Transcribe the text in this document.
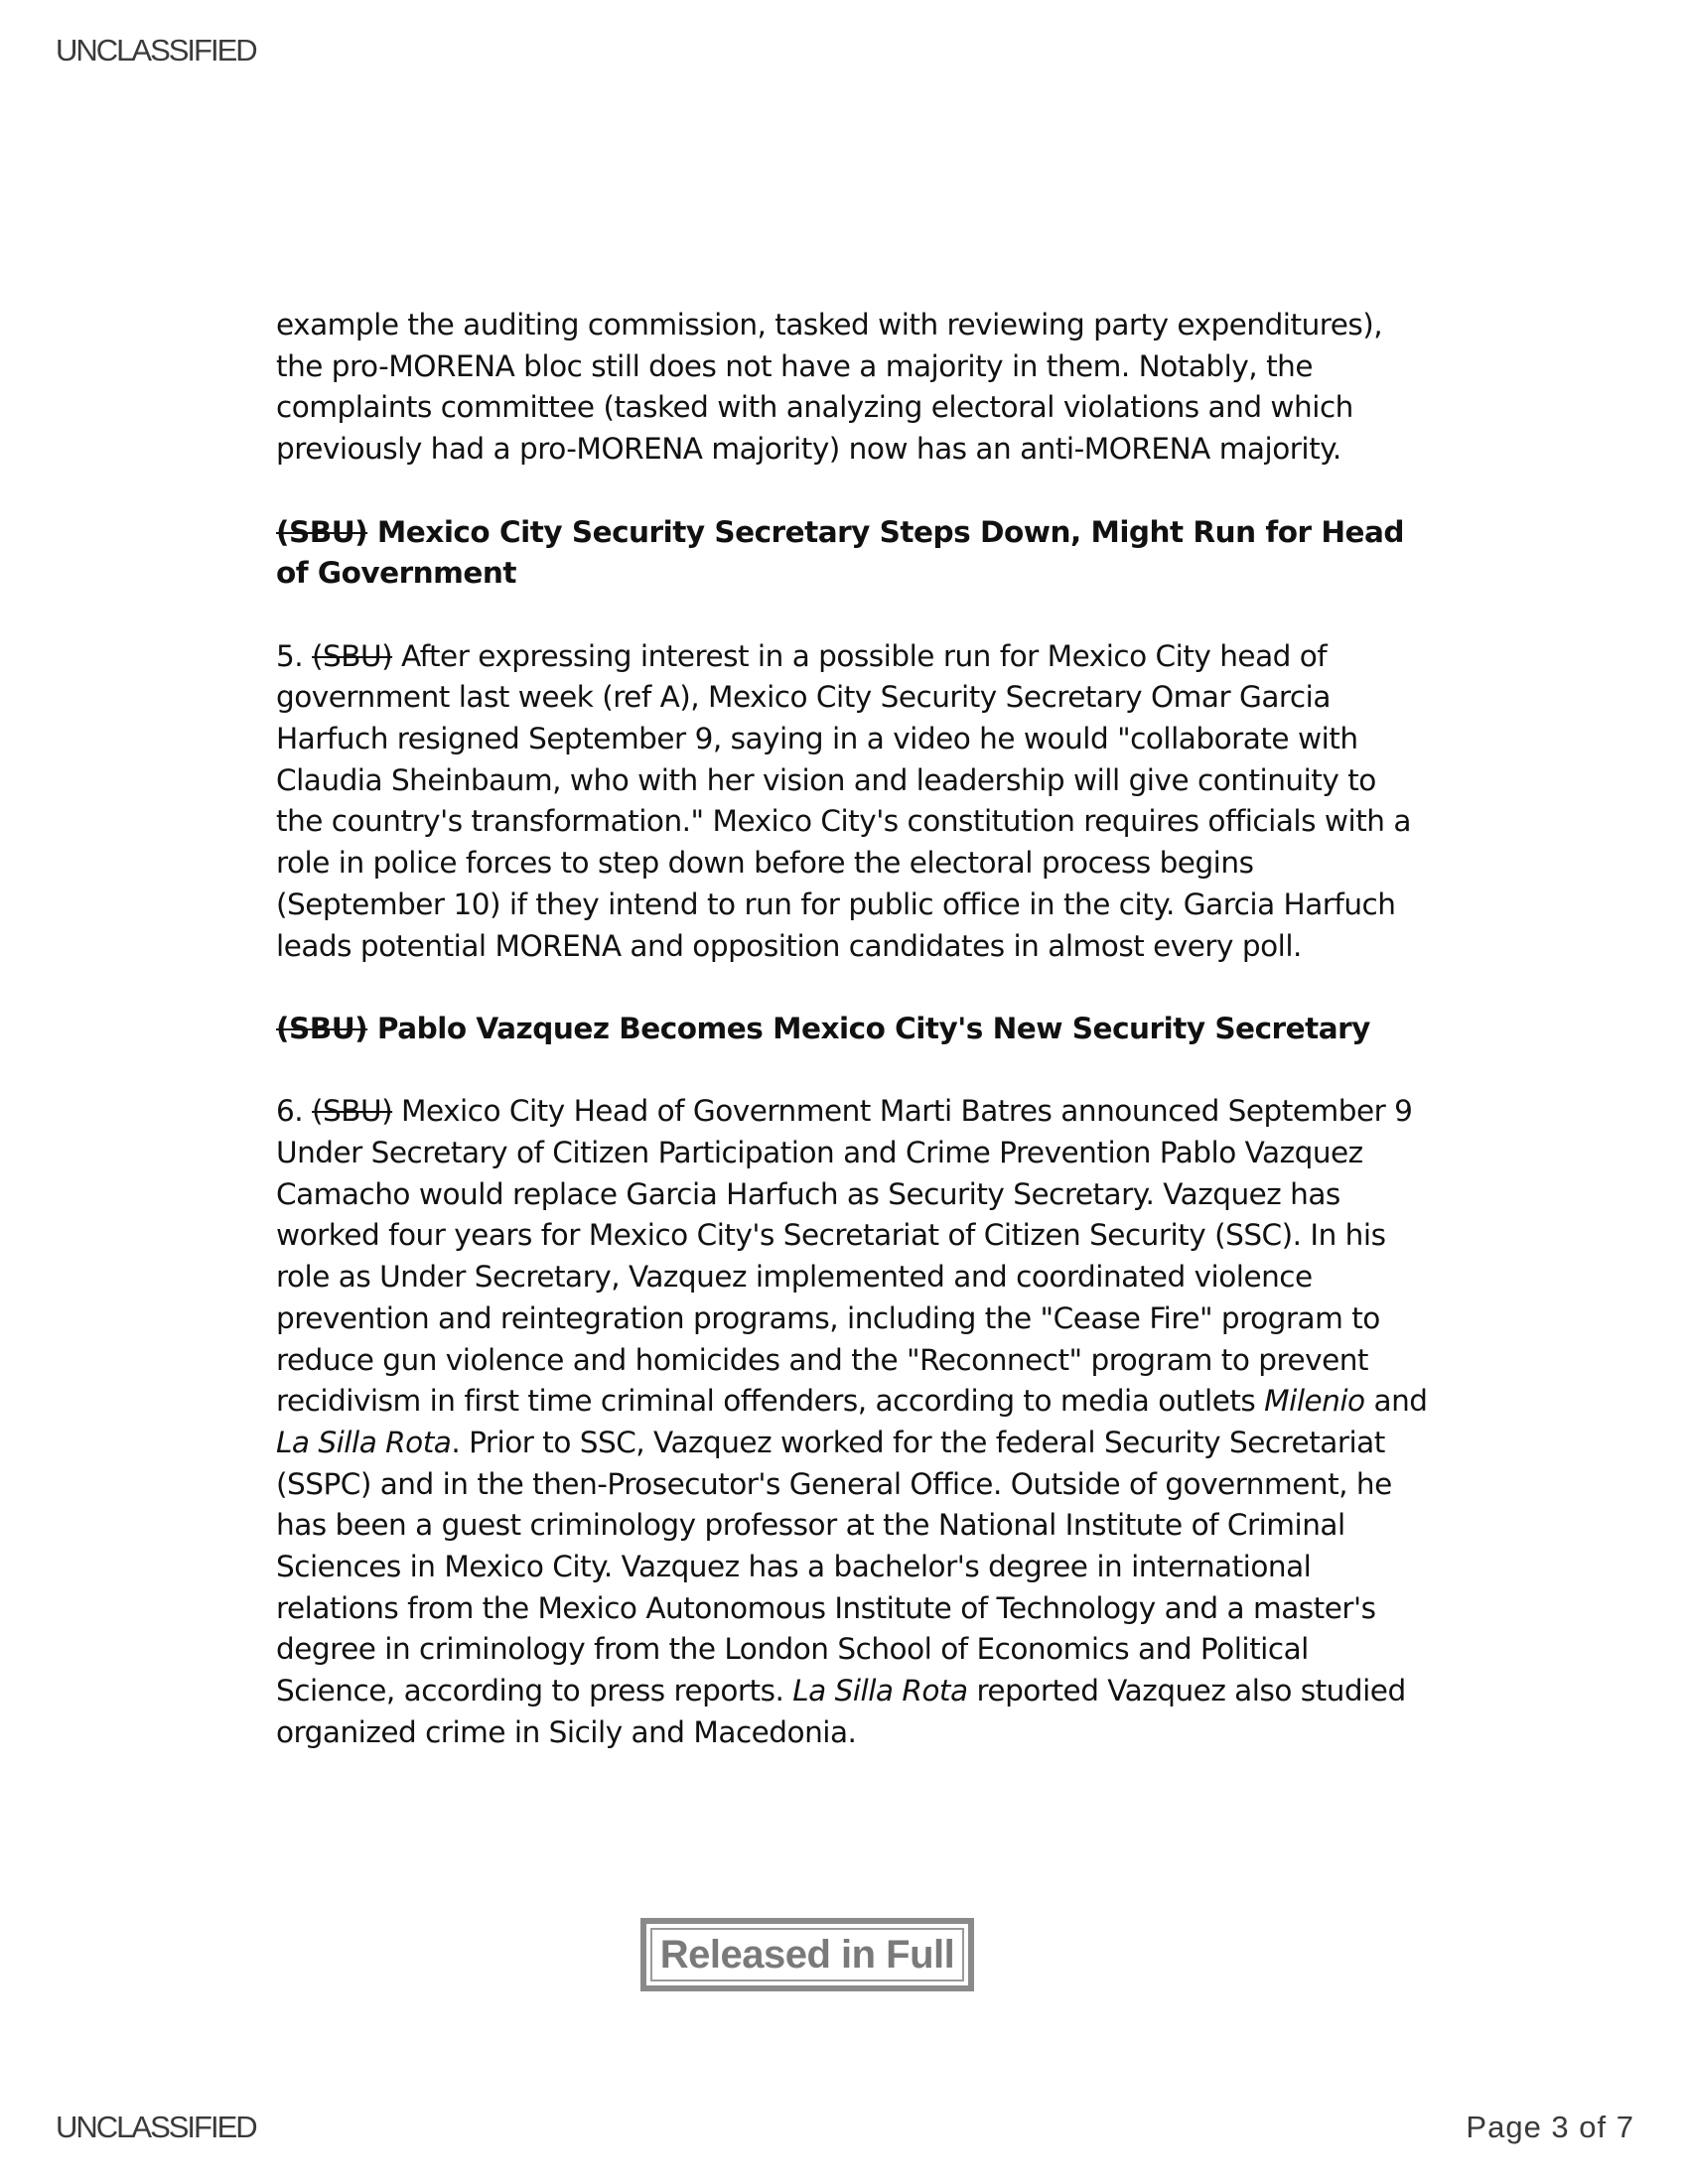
UNCLASSIFIED

example the auditing commission, tasked with reviewing party expenditures), the pro-MORENA bloc still does not have a majority in them. Notably, the complaints committee (tasked with analyzing electoral violations and which previously had a pro-MORENA majority) now has an anti-MORENA majority.

(SBU) Mexico City Security Secretary Steps Down, Might Run for Head of Government

5. (SBU) After expressing interest in a possible run for Mexico City head of government last week (ref A), Mexico City Security Secretary Omar Garcia Harfuch resigned September 9, saying in a video he would "collaborate with Claudia Sheinbaum, who with her vision and leadership will give continuity to the country's transformation." Mexico City's constitution requires officials with a role in police forces to step down before the electoral process begins (September 10) if they intend to run for public office in the city. Garcia Harfuch leads potential MORENA and opposition candidates in almost every poll.

(SBU) Pablo Vazquez Becomes Mexico City's New Security Secretary

6. (SBU) Mexico City Head of Government Marti Batres announced September 9 Under Secretary of Citizen Participation and Crime Prevention Pablo Vazquez Camacho would replace Garcia Harfuch as Security Secretary. Vazquez has worked four years for Mexico City's Secretariat of Citizen Security (SSC). In his role as Under Secretary, Vazquez implemented and coordinated violence prevention and reintegration programs, including the "Cease Fire" program to reduce gun violence and homicides and the "Reconnect" program to prevent recidivism in first time criminal offenders, according to media outlets Milenio and La Silla Rota. Prior to SSC, Vazquez worked for the federal Security Secretariat (SSPC) and in the then-Prosecutor's General Office. Outside of government, he has been a guest criminology professor at the National Institute of Criminal Sciences in Mexico City. Vazquez has a bachelor's degree in international relations from the Mexico Autonomous Institute of Technology and a master's degree in criminology from the London School of Economics and Political Science, according to press reports. La Silla Rota reported Vazquez also studied organized crime in Sicily and Macedonia.

Released in Full
UNCLASSIFIED	Page 3 of 7
